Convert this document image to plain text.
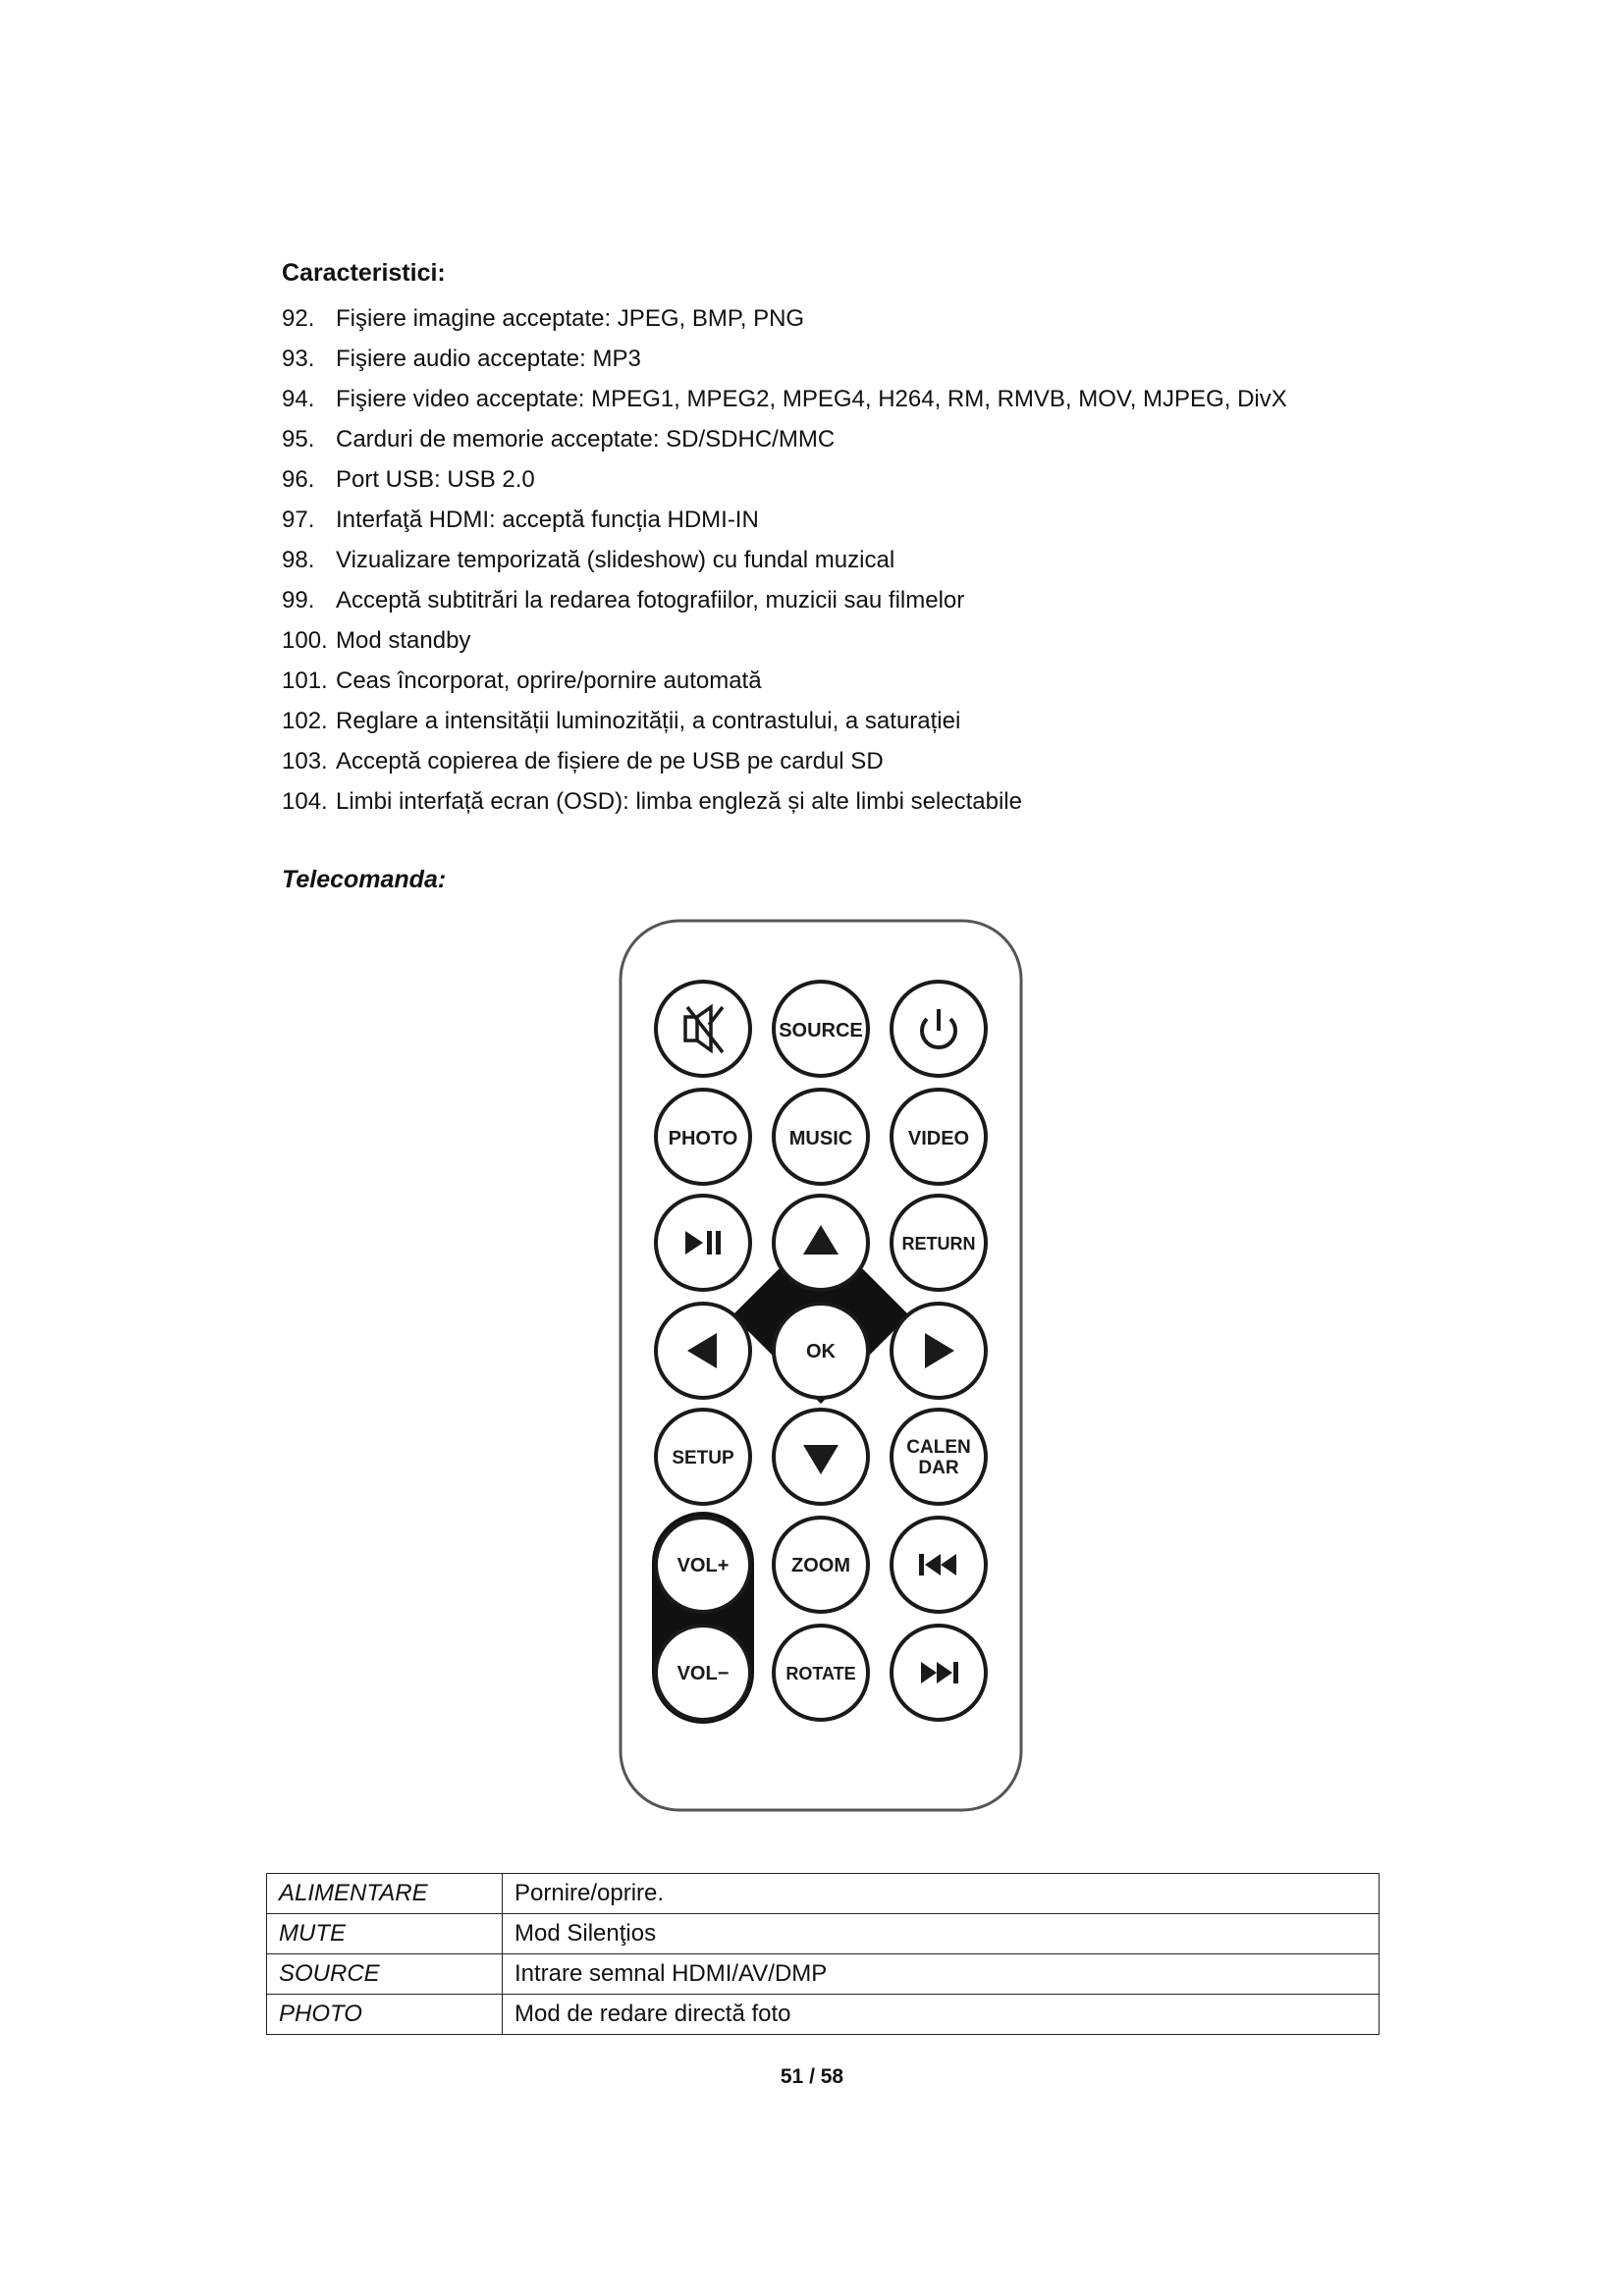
Caracteristici:
92. Fişiere imagine acceptate: JPEG, BMP, PNG
93. Fişiere audio acceptate: MP3
94. Fişiere video acceptate: MPEG1, MPEG2, MPEG4, H264, RM, RMVB, MOV, MJPEG, DivX
95. Carduri de memorie acceptate: SD/SDHC/MMC
96. Port USB: USB 2.0
97. Interfaţă HDMI: acceptă funcția HDMI-IN
98. Vizualizare temporizată (slideshow) cu fundal muzical
99. Acceptă subtitrări la redarea fotografiilor, muzicii sau filmelor
100. Mod standby
101. Ceas încorporat, oprire/pornire automată
102. Reglare a intensității luminozității, a contrastului, a saturației
103. Acceptă copierea de fișiere de pe USB pe cardul SD
104. Limbi interfață ecran (OSD): limba engleză și alte limbi selectabile
Telecomanda:
SOURCE
PHOTO	MUSIC	VIDEO
RETURN
OK
SETUP
CALEN
DAR
VOL+	ZOOM
VOL−	ROTATE
ALIMENTARE	Pornire/oprire.
MUTE	Mod Silenţios
SOURCE	Intrare semnal HDMI/AV/DMP
PHOTO	Mod de redare directă foto
51 / 58
